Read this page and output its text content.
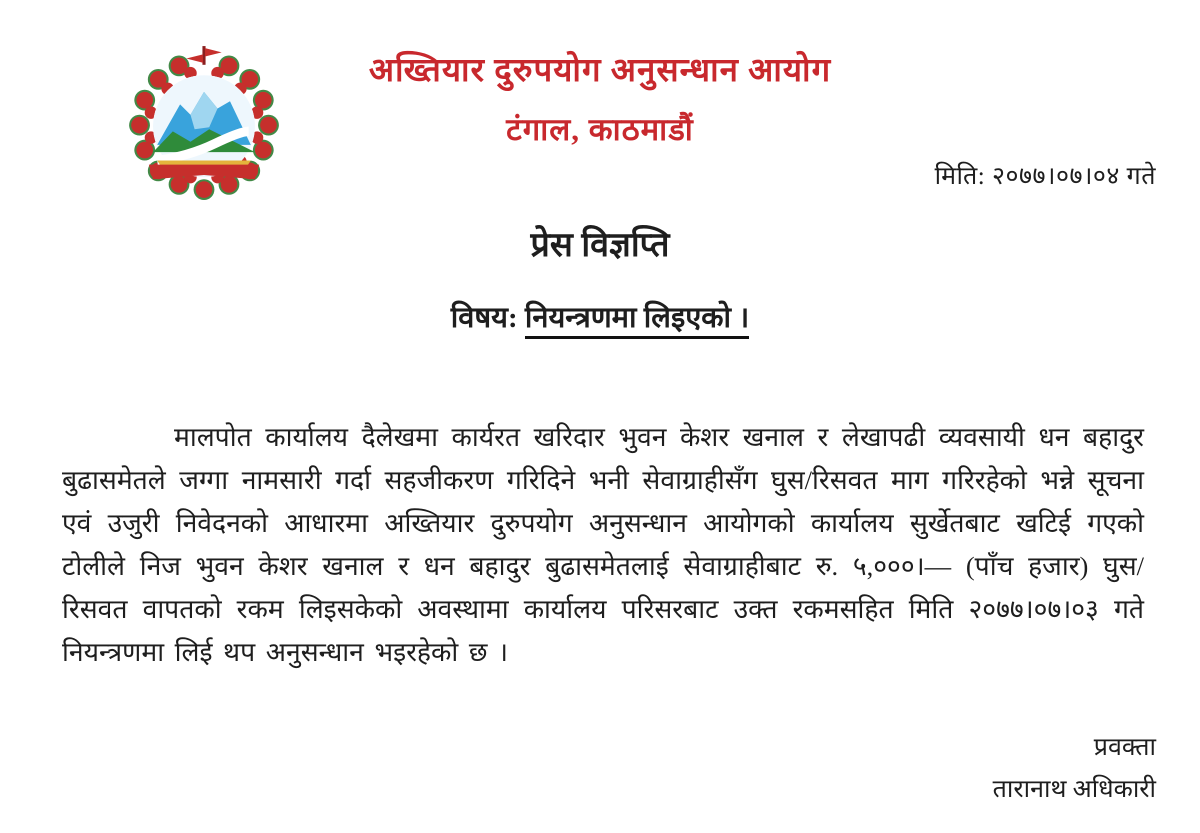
अख्तियार दुरुपयोग अनुसन्धान आयोग
टंगाल, काठमाडौं
मिति: २०७७।०७।०४ गते
प्रेस विज्ञप्ति
विषय: नियन्त्रणमा लिइएको ।
मालपोत कार्यालय दैलेखमा कार्यरत खरिदार भुवन केशर खनाल र लेखापढी व्यवसायी धन बहादुर बुढासमेतले जग्गा नामसारी गर्दा सहजीकरण गरिदिने भनी सेवाग्राहीसँग घुस/रिसवत माग गरिरहेको भन्ने सूचना एवं उजुरी निवेदनको आधारमा अख्तियार दुरुपयोग अनुसन्धान आयोगको कार्यालय सुर्खेतबाट खटिई गएको टोलीले निज भुवन केशर खनाल र धन बहादुर बुढासमेतलाई सेवाग्राहीबाट रु. ५,०००।— (पाँच हजार) घुस/रिसवत वापतको रकम लिइसकेको अवस्थामा कार्यालय परिसरबाट उक्त रकमसहित मिति २०७७।०७।०३ गते नियन्त्रणमा लिई थप अनुसन्धान भइरहेको छ ।
प्रवक्ता
तारानाथ अधिकारी
